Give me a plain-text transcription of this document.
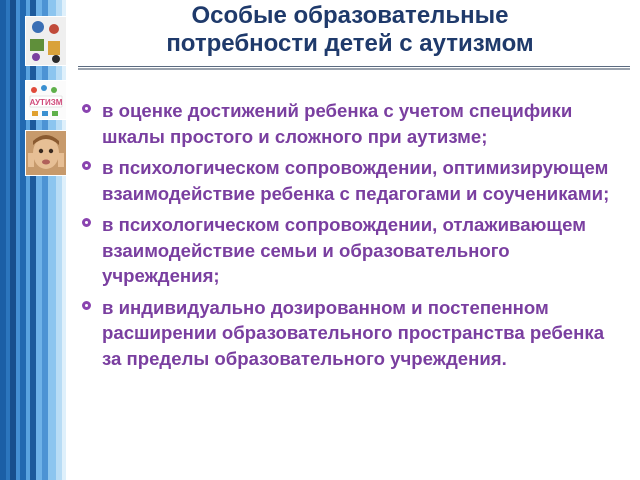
АУТИЗМ
Особые образовательные
потребности детей с аутизмом
в оценке достижений ребенка с учетом специфики шкалы простого и сложного при аутизме;
в психологическом сопровождении, оптимизирующем взаимодействие ребенка с педагогами и соучениками;
в психологическом сопровождении, отлаживающем взаимодействие семьи и образовательного учреждения;
в индивидуально дозированном и постепенном расширении образовательного пространства ребенка за пределы образовательного учреждения.
